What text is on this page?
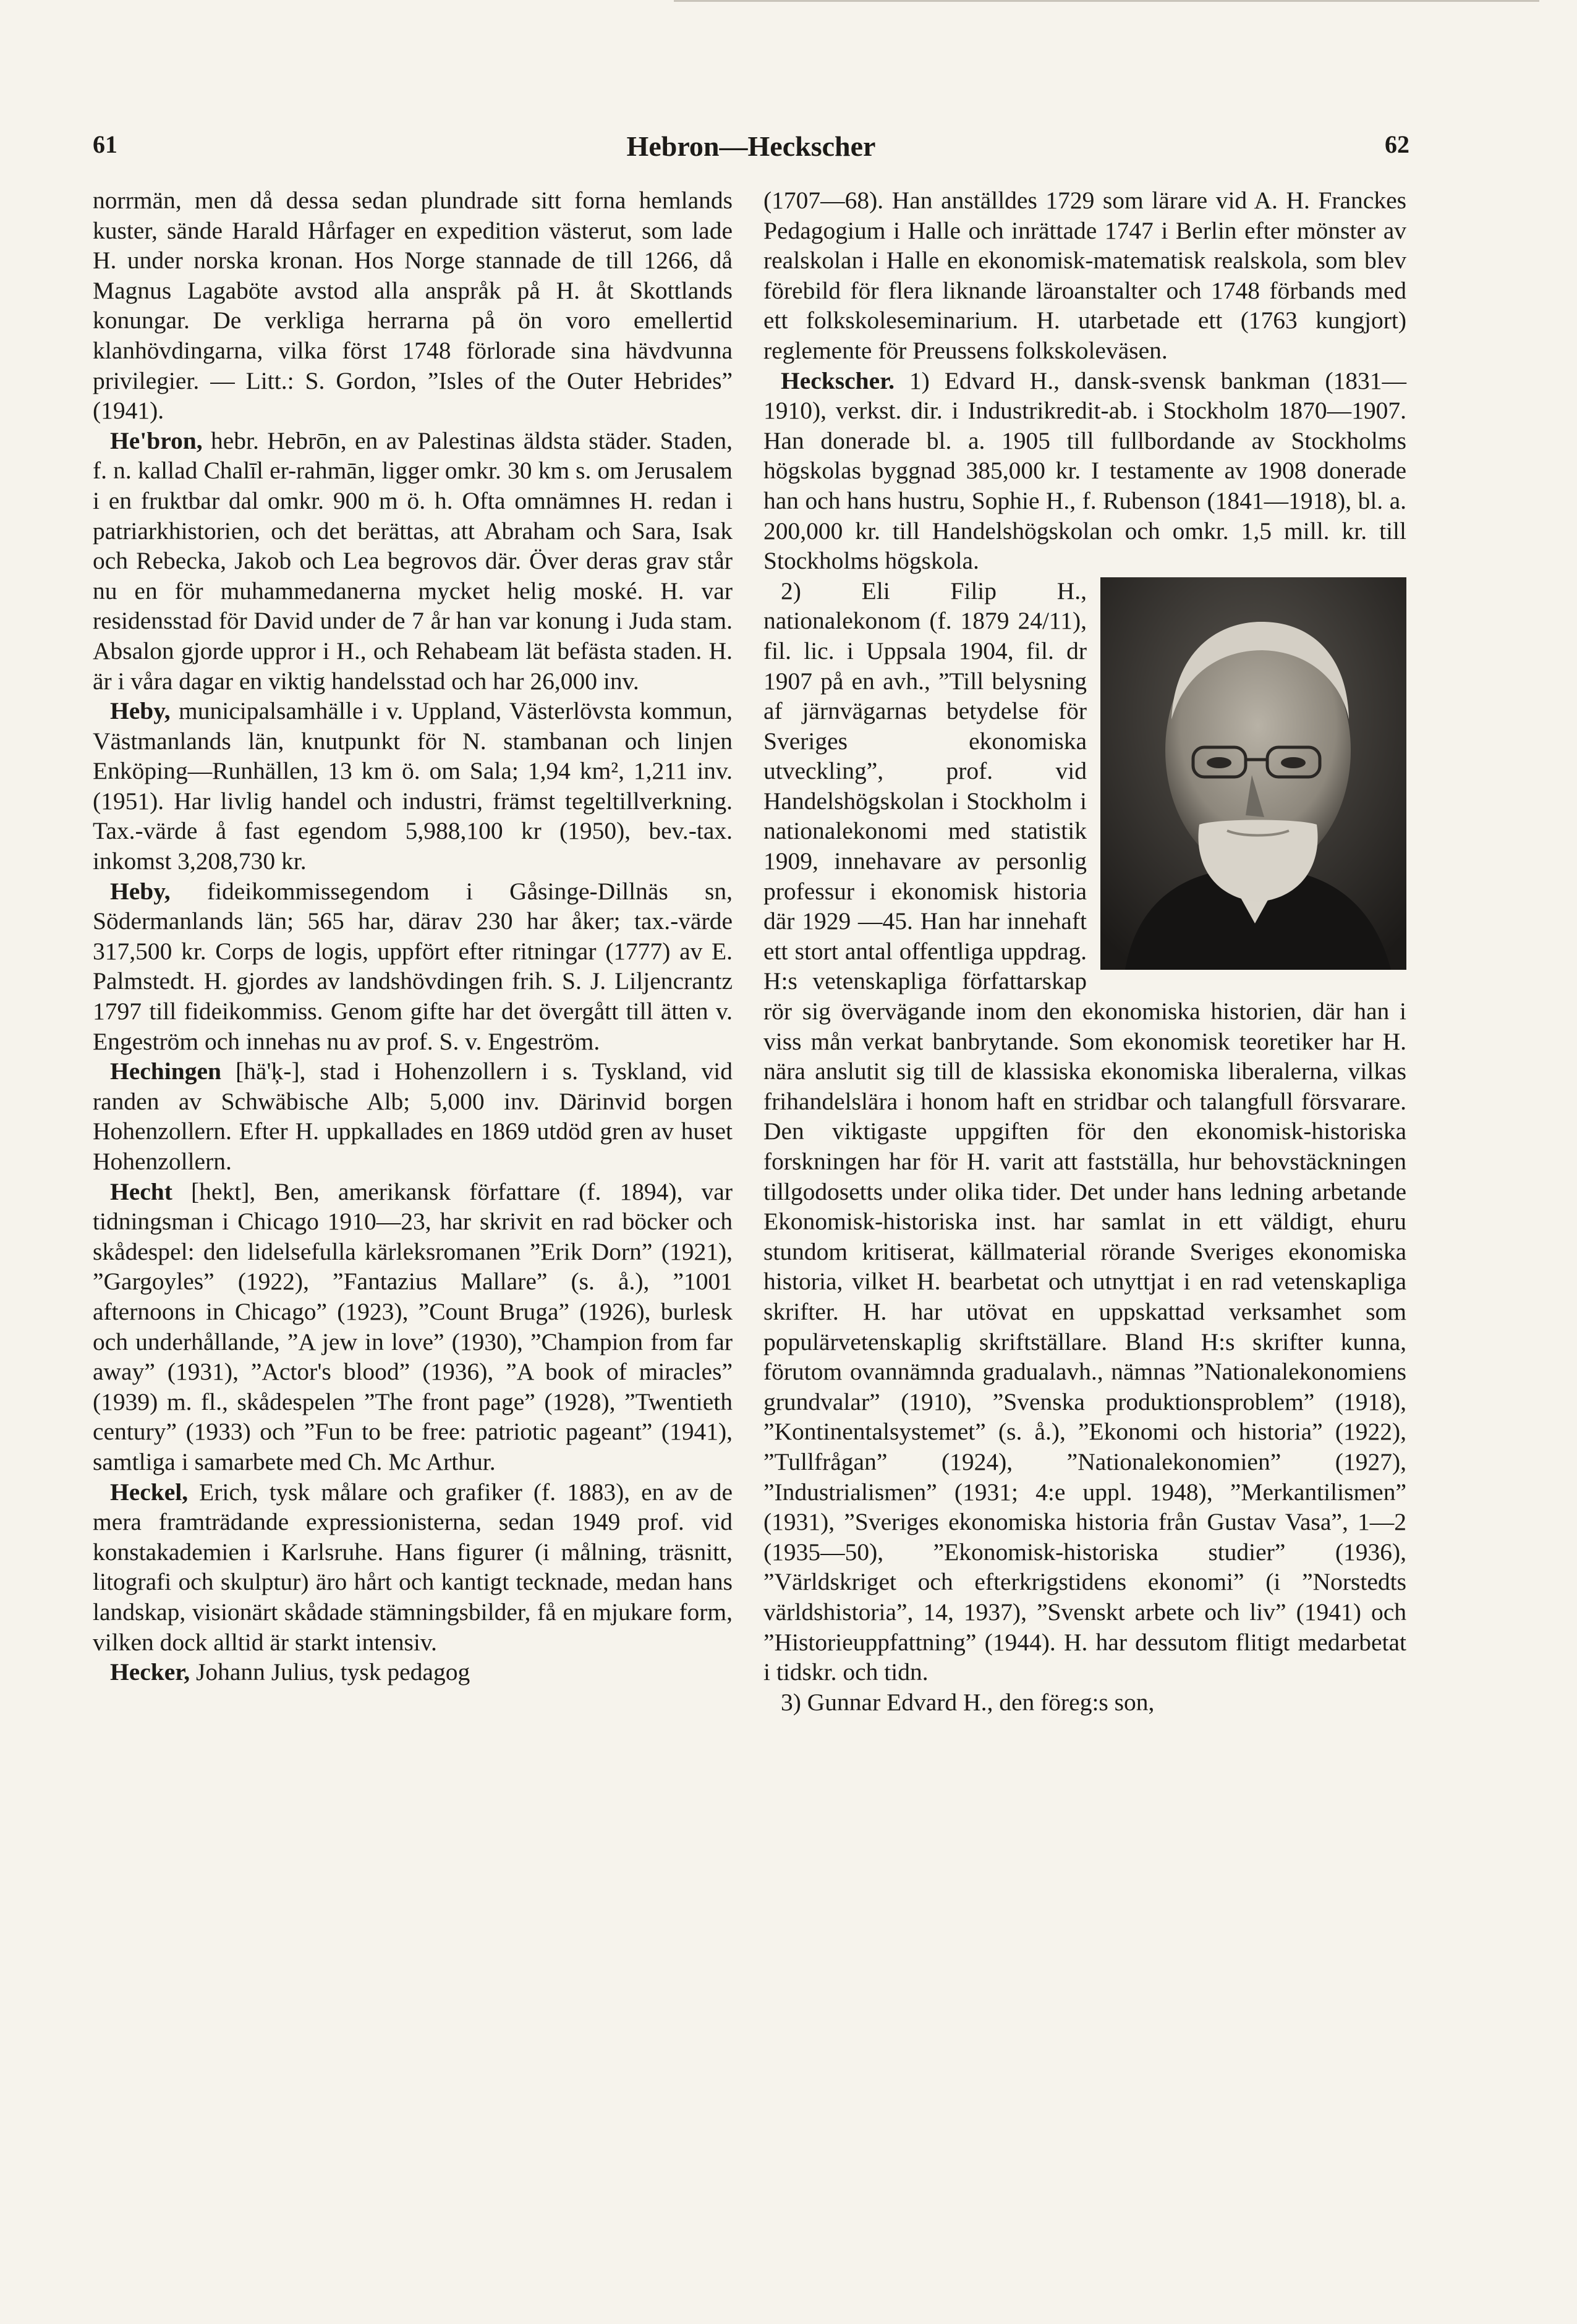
61	Hebron—Heckscher	62

norrmän, men då dessa sedan plundrade sitt forna hemlands kuster, sände Harald Hårfager en expedition västerut, som lade H. under norska kronan. Hos Norge stannade de till 1266, då Magnus Lagaböte avstod alla anspråk på H. åt Skottlands konungar. De verkliga herrarna på ön voro emellertid klanhövdingarna, vilka först 1748 förlorade sina hävdvunna privilegier. — Litt.: S. Gordon, ”Isles of the Outer Hebrides” (1941).

He'bron, hebr. Hebrōn, en av Palestinas äldsta städer. Staden, f. n. kallad Chalīl er-rahmān, ligger omkr. 30 km s. om Jerusalem i en fruktbar dal omkr. 900 m ö. h. Ofta omnämnes H. redan i patriarkhistorien, och det berättas, att Abraham och Sara, Isak och Rebecka, Jakob och Lea begrovos där. Över deras grav står nu en för muhammedanerna mycket helig moské. H. var residensstad för David under de 7 år han var konung i Juda stam. Absalon gjorde uppror i H., och Rehabeam lät befästa staden. H. är i våra dagar en viktig handelsstad och har 26,000 inv.

Heby, municipalsamhälle i v. Uppland, Västerlövsta kommun, Västmanlands län, knutpunkt för N. stambanan och linjen Enköping—Runhällen, 13 km ö. om Sala; 1,94 km², 1,211 inv. (1951). Har livlig handel och industri, främst tegeltillverkning. Tax.-värde å fast egendom 5,988,100 kr (1950), bev.-tax. inkomst 3,208,730 kr.

Heby, fideikommissegendom i Gåsinge-Dillnäs sn, Södermanlands län; 565 har, därav 230 har åker; tax.-värde 317,500 kr. Corps de logis, uppfört efter ritningar (1777) av E. Palmstedt. H. gjordes av landshövdingen frih. S. J. Liljencrantz 1797 till fideikommiss. Genom gifte har det övergått till ätten v. Engeström och innehas nu av prof. S. v. Engeström.

Hechingen [hä'ķ-], stad i Hohenzollern i s. Tyskland, vid randen av Schwäbische Alb; 5,000 inv. Därinvid borgen Hohenzollern. Efter H. uppkallades en 1869 utdöd gren av huset Hohenzollern.

Hecht [hekt], Ben, amerikansk författare (f. 1894), var tidningsman i Chicago 1910—23, har skrivit en rad böcker och skådespel: den lidelsefulla kärleksromanen ”Erik Dorn” (1921), ”Gargoyles” (1922), ”Fantazius Mallare” (s. å.), ”1001 afternoons in Chicago” (1923), ”Count Bruga” (1926), burlesk och underhållande, ”A jew in love” (1930), ”Champion from far away” (1931), ”Actor's blood” (1936), ”A book of miracles” (1939) m. fl., skådespelen ”The front page” (1928), ”Twentieth century” (1933) och ”Fun to be free: patriotic pageant” (1941), samtliga i samarbete med Ch. Mc Arthur.

Heckel, Erich, tysk målare och grafiker (f. 1883), en av de mera framträdande expressionisterna, sedan 1949 prof. vid konstakademien i Karlsruhe. Hans figurer (i målning, träsnitt, litografi och skulptur) äro hårt och kantigt tecknade, medan hans landskap, visionärt skådade stämningsbilder, få en mjukare form, vilken dock alltid är starkt intensiv.

Hecker, Johann Julius, tysk pedagog

(1707—68). Han anställdes 1729 som lärare vid A. H. Franckes Pedagogium i Halle och inrättade 1747 i Berlin efter mönster av realskolan i Halle en ekonomisk-matematisk realskola, som blev förebild för flera liknande läroanstalter och 1748 förbands med ett folkskoleseminarium. H. utarbetade ett (1763 kungjort) reglemente för Preussens folkskoleväsen.

Heckscher. 1) Edvard H., dansk-svensk bankman (1831—1910), verkst. dir. i Industrikredit-ab. i Stockholm 1870—1907. Han donerade bl. a. 1905 till fullbordande av Stockholms högskolas byggnad 385,000 kr. I testamente av 1908 donerade han och hans hustru, Sophie H., f. Rubenson (1841—1918), bl. a. 200,000 kr. till Handelshögskolan och omkr. 1,5 mill. kr. till Stockholms högskola.

2) Eli Filip H., nationalekonom (f. 1879 24/11), fil. lic. i Uppsala 1904, fil. dr 1907 på en avh., ”Till belysning af järnvägarnas betydelse för Sveriges ekonomiska utveckling”, prof. vid Handelshögskolan i Stockholm i nationalekonomi med statistik 1909, innehavare av personlig professur i ekonomisk historia där 1929 —45. Han har innehaft ett stort antal offentliga uppdrag. H:s vetenskapliga författarskap rör sig övervägande inom den ekonomiska historien, där han i viss mån verkat banbrytande. Som ekonomisk teoretiker har H. nära anslutit sig till de klassiska ekonomiska liberalerna, vilkas frihandelslära i honom haft en stridbar och talangfull försvarare. Den viktigaste uppgiften för den ekonomisk-historiska forskningen har för H. varit att fastställa, hur behovstäckningen tillgodosetts under olika tider. Det under hans ledning arbetande Ekonomisk-historiska inst. har samlat in ett väldigt, ehuru stundom kritiserat, källmaterial rörande Sveriges ekonomiska historia, vilket H. bearbetat och utnyttjat i en rad vetenskapliga skrifter. H. har utövat en uppskattad verksamhet som populärvetenskaplig skriftställare. Bland H:s skrifter kunna, förutom ovannämnda gradualavh., nämnas ”Nationalekonomiens grundvalar” (1910), ”Svenska produktionsproblem” (1918), ”Kontinentalsystemet” (s. å.), ”Ekonomi och historia” (1922), ”Tullfrågan” (1924), ”Nationalekonomien” (1927), ”Industrialismen” (1931; 4:e uppl. 1948), ”Merkantilismen” (1931), ”Sveriges ekonomiska historia från Gustav Vasa”, 1—2 (1935—50), ”Ekonomisk-historiska studier” (1936), ”Världskriget och efterkrigstidens ekonomi” (i ”Norstedts världshistoria”, 14, 1937), ”Svenskt arbete och liv” (1941) och ”Historieuppfattning” (1944). H. har dessutom flitigt medarbetat i tidskr. och tidn.

3) Gunnar Edvard H., den föreg:s son,
